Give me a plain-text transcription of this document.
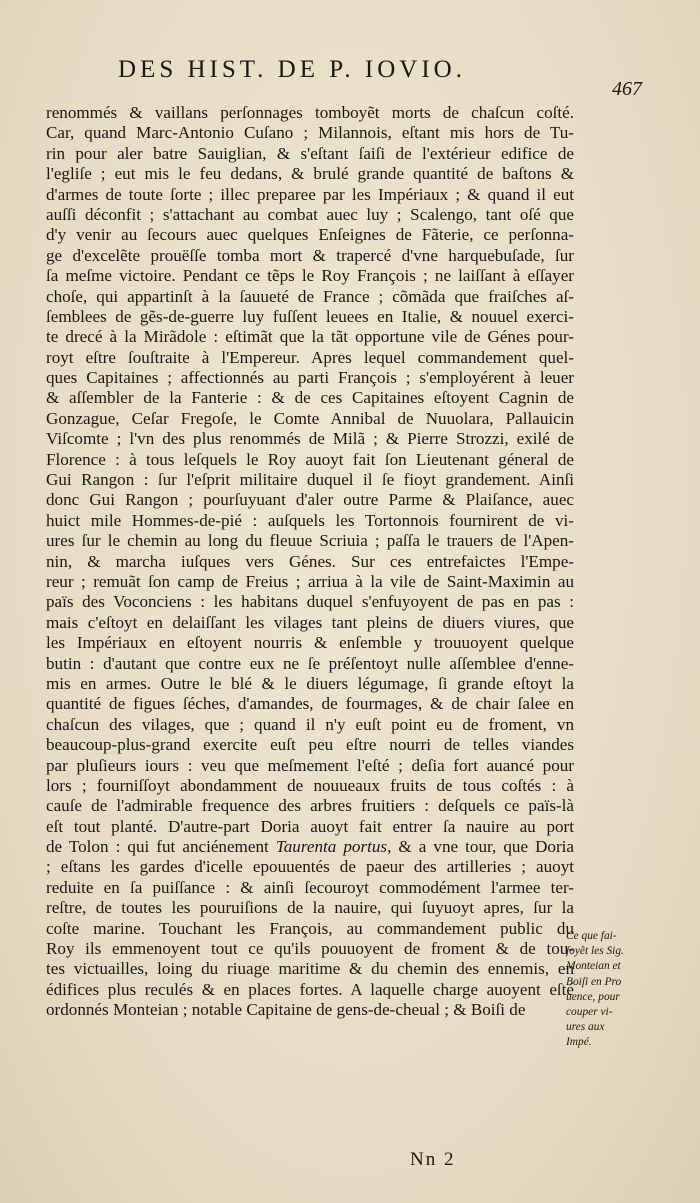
DES HIST. DE P. IOVIO.
467
renommés & vaillans perſonnages tomboyẽt morts de chaſcun coſté.
Car, quand Marc-Antonio Cuſano ; Milannois, eſtant mis hors de Tu-
rin pour aler batre Sauiglian, & s'eſtant ſaiſi de l'extérieur edifice de
l'egliſe ; eut mis le feu dedans, & brulé grande quantité de baſtons &
d'armes de toute ſorte ; illec preparee par les Impériaux ; & quand il eut
auſſi déconfit ; s'attachant au combat auec luy ; Scalengo, tant oſé que
d'y venir au ſecours auec quelques Enſeignes de Fãterie, ce perſonna-
ge d'excelẽte prouëſſe tomba mort & trapercé d'vne harquebuſade, ſur
ſa meſme victoire. Pendant ce tẽps le Roy François ; ne laiſſant à eſſayer
choſe, qui appartinſt à la ſauueté de France ; cõmãda que fraiſches aſ-
ſemblees de gẽs-de-guerre luy fuſſent leuees en Italie, & nouuel exerci-
te drecé à la Mirãdole : eſtimãt que la tãt opportune vile de Génes pour-
royt eſtre ſouſtraite à l'Empereur. Apres lequel commandement quel-
ques Capitaines ; affectionnés au parti François ; s'employérent à leuer
& aſſembler de la Fanterie : & de ces Capitaines eſtoyent Cagnin de
Gonzague, Ceſar Fregoſe, le Comte Annibal de Nuuolara, Pallauicin
Viſcomte ; l'vn des plus renommés de Milã ; & Pierre Strozzi, exilé de
Florence : à tous leſquels le Roy auoyt fait ſon Lieutenant géneral de
Gui Rangon : ſur l'eſprit militaire duquel il ſe fioyt grandement. Ainſi
donc Gui Rangon ; pourſuyuant d'aler outre Parme & Plaiſance, auec
huict mile Hommes-de-pié : auſquels les Tortonnois fournirent de vi-
ures ſur le chemin au long du fleuue Scriuia ; paſſa le trauers de l'Apen-
nin, & marcha iuſques vers Génes. Sur ces entrefaictes l'Empe-
reur ; remuãt ſon camp de Freius ; arriua à la vile de Saint-Maximin au
païs des Voconciens : les habitans duquel s'enfuyoyent de pas en pas :
mais c'eſtoyt en delaiſſant les vilages tant pleins de diuers viures, que
les Impériaux en eſtoyent nourris & enſemble y trouuoyent quelque
butin : d'autant que contre eux ne ſe préſentoyt nulle aſſemblee d'enne-
mis en armes. Outre le blé & le diuers légumage, ſi grande eſtoyt la
quantité de figues ſéches, d'amandes, de fourmages, & de chair ſalee en
chaſcun des vilages, que ; quand il n'y euſt point eu de froment, vn
beaucoup-plus-grand exercite euſt peu eſtre nourri de telles viandes
par pluſieurs iours : veu que meſmement l'eſté ; deſia fort auancé pour
lors ; fourniſſoyt abondamment de nouueaux fruits de tous coſtés : à
cauſe de l'admirable frequence des arbres fruitiers : deſquels ce païs-là
eſt tout planté. D'autre-part Doria auoyt fait entrer ſa nauire au port
de Tolon : qui fut anciénement Taurenta portus, & a vne tour, que Doria
; eſtans les gardes d'icelle epouuentés de paeur des artilleries ; auoyt
reduite en ſa puiſſance : & ainſi ſecouroyt commodément l'armee ter-
reſtre, de toutes les pouruiſions de la nauire, qui ſuyuoyt apres, ſur la
coſte marine. Touchant les François, au commandement public du
Roy ils emmenoyent tout ce qu'ils pouuoyent de froment & de tou-
tes victuailles, loing du riuage maritime & du chemin des ennemis, en
édifices plus reculés & en places fortes. A laquelle charge auoyent eſté
ordonnés Monteian ; notable Capitaine de gens-de-cheual ; & Boiſi de
Ce que fai-
ſoyẽt les Sig.
Monteian et
Boiſi en Pro
uence, pour
couper vi-
ures aux
Impé.
Nn 2
